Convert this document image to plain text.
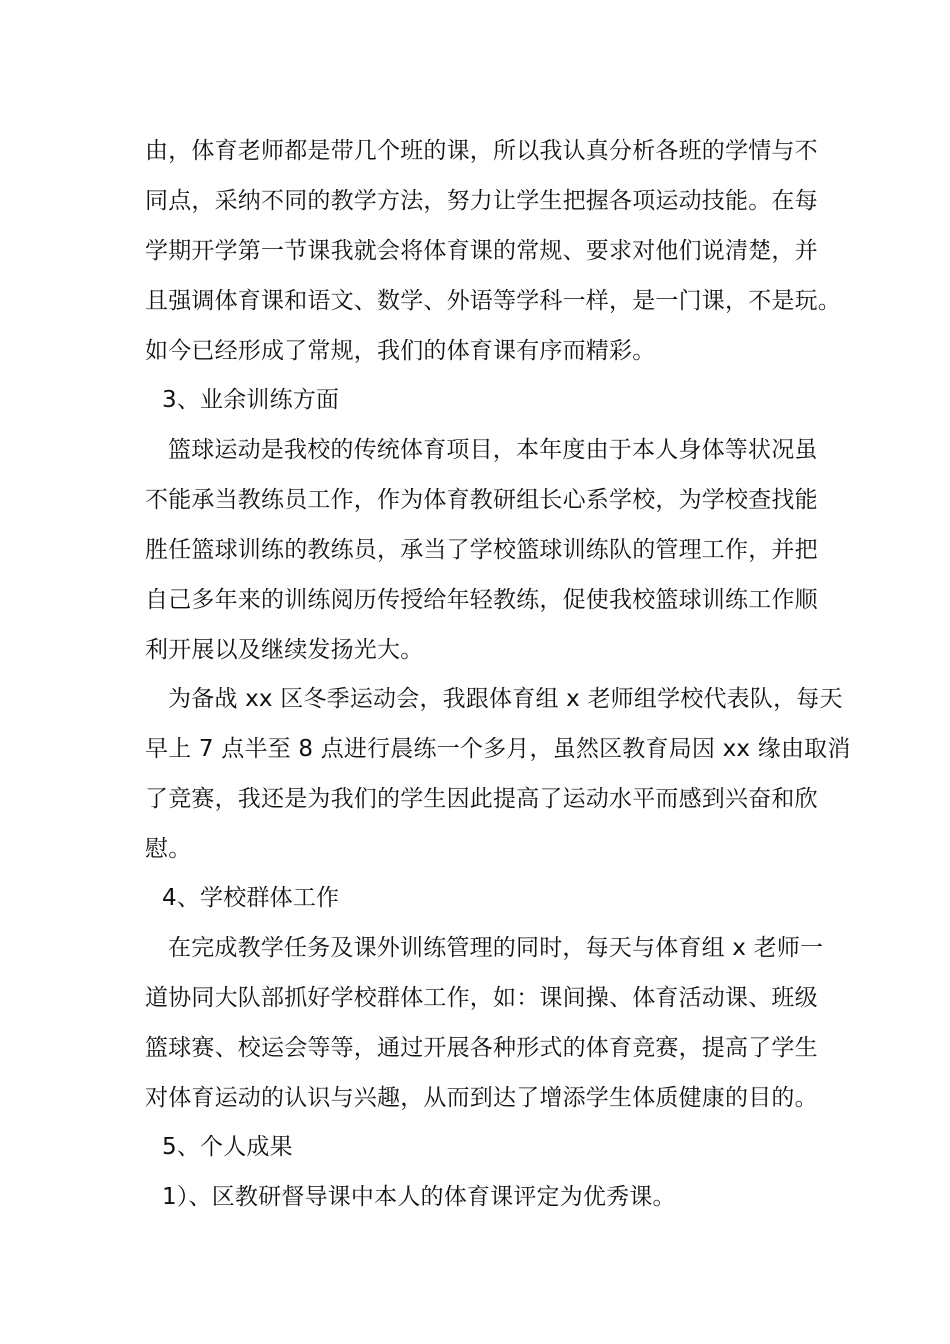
由，体育老师都是带几个班的课，所以我认真分析各班的学情与不
同点，采纳不同的教学方法，努力让学生把握各项运动技能。在每
学期开学第一节课我就会将体育课的常规、要求对他们说清楚，并
且强调体育课和语文、数学、外语等学科一样，是一门课，不是玩。
如今已经形成了常规，我们的体育课有序而精彩。
3、业余训练方面
篮球运动是我校的传统体育项目，本年度由于本人身体等状况虽
不能承当教练员工作，作为体育教研组长心系学校，为学校查找能
胜任篮球训练的教练员，承当了学校篮球训练队的管理工作，并把
自己多年来的训练阅历传授给年轻教练，促使我校篮球训练工作顺
利开展以及继续发扬光大。
为备战 xx 区冬季运动会，我跟体育组 x 老师组学校代表队，每天
早上 7 点半至 8 点进行晨练一个多月，虽然区教育局因 xx 缘由取消
了竞赛，我还是为我们的学生因此提高了运动水平而感到兴奋和欣
慰。
4、学校群体工作
在完成教学任务及课外训练管理的同时，每天与体育组 x 老师一
道协同大队部抓好学校群体工作，如：课间操、体育活动课、班级
篮球赛、校运会等等，通过开展各种形式的体育竞赛，提高了学生
对体育运动的认识与兴趣，从而到达了增添学生体质健康的目的。
5、个人成果
1）、区教研督导课中本人的体育课评定为优秀课。
